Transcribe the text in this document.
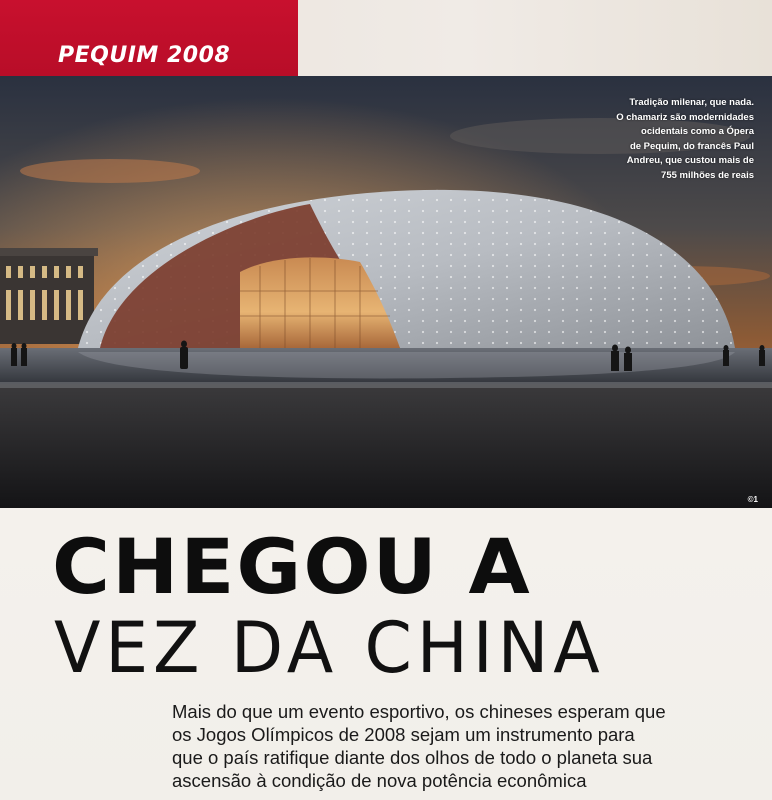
PEQUIM 2008
Tradição milenar, que nada.
O chamariz são modernidades
ocidentais como a Ópera
de Pequim, do francês Paul
Andreu, que custou mais de
755 milhões de reais
©1
CHEGOU A
VEZ DA CHINA

Mais do que um evento esportivo, os chineses esperam que
os Jogos Olímpicos de 2008 sejam um instrumento para
que o país ratifique diante dos olhos de todo o planeta sua
ascensão à condição de nova potência econômica
